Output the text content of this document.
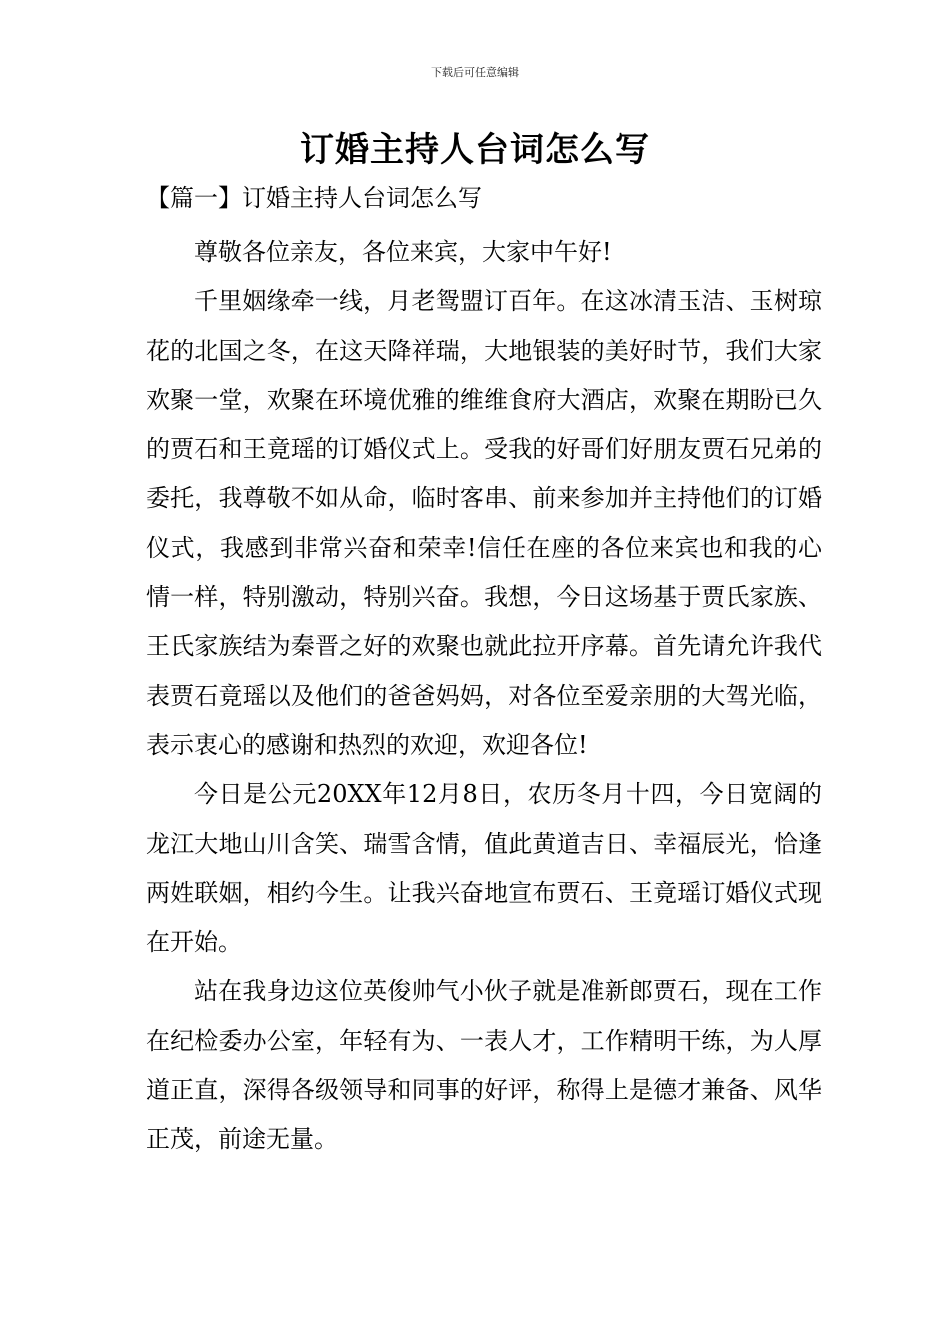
下载后可任意编辑
订婚主持人台词怎么写
【篇一】订婚主持人台词怎么写

尊敬各位亲友，各位来宾，大家中午好!

千里姻缘牵一线，月老鸳盟订百年。在这冰清玉洁、玉树琼花的北国之冬，在这天降祥瑞，大地银装的美好时节，我们大家欢聚一堂，欢聚在环境优雅的维维食府大酒店，欢聚在期盼已久的贾石和王竟瑶的订婚仪式上。受我的好哥们好朋友贾石兄弟的委托，我尊敬不如从命，临时客串、前来参加并主持他们的订婚仪式，我感到非常兴奋和荣幸!信任在座的各位来宾也和我的心情一样，特别激动，特别兴奋。我想，今日这场基于贾氏家族、王氏家族结为秦晋之好的欢聚也就此拉开序幕。首先请允许我代表贾石竟瑶以及他们的爸爸妈妈，对各位至爱亲朋的大驾光临，表示衷心的感谢和热烈的欢迎，欢迎各位!

今日是公元20XX年12月8日，农历冬月十四，今日宽阔的龙江大地山川含笑、瑞雪含情，值此黄道吉日、幸福辰光，恰逢两姓联姻，相约今生。让我兴奋地宣布贾石、王竟瑶订婚仪式现在开始。

站在我身边这位英俊帅气小伙子就是准新郎贾石，现在工作在纪检委办公室，年轻有为、一表人才，工作精明干练，为人厚道正直，深得各级领导和同事的好评，称得上是德才兼备、风华正茂，前途无量。
